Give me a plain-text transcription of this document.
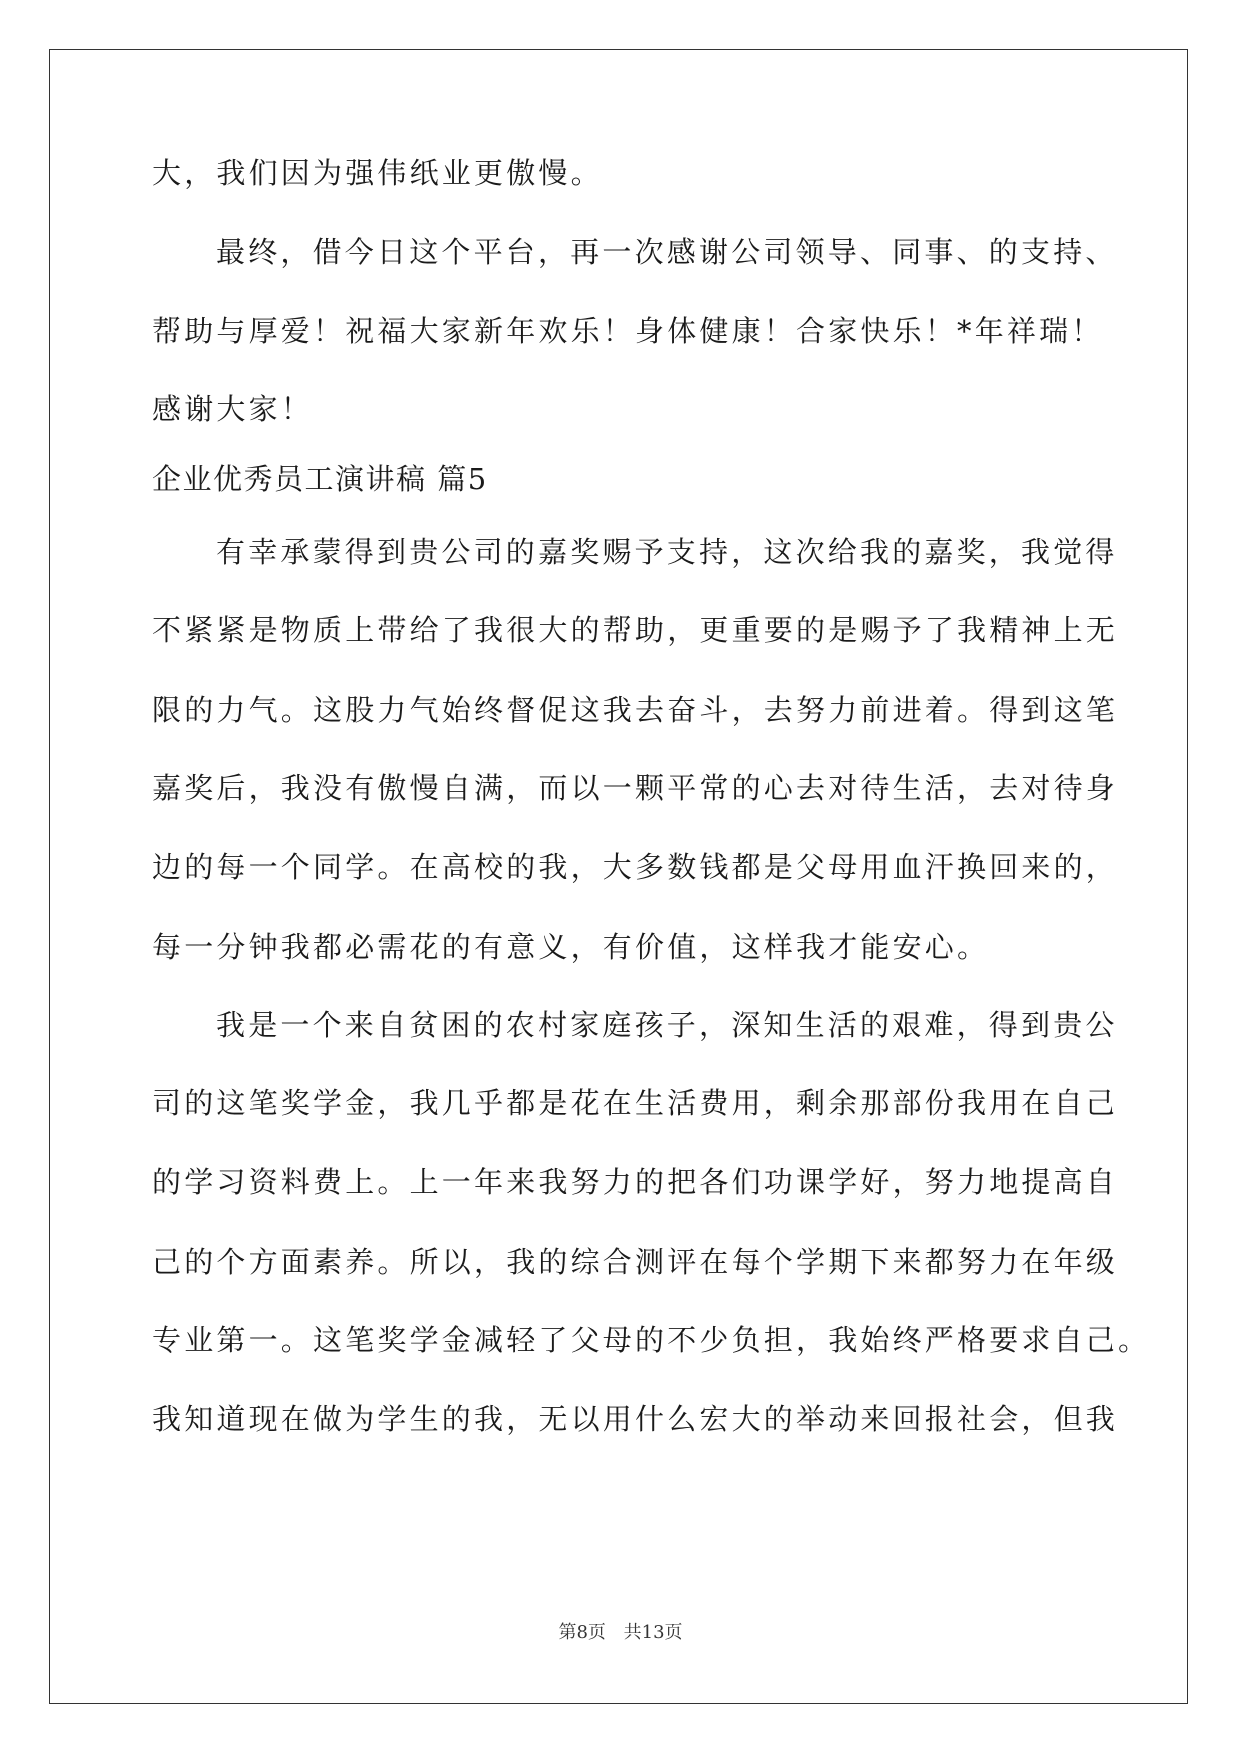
大，我们因为强伟纸业更傲慢。
最终，借今日这个平台，再一次感谢公司领导、同事、的支持、
帮助与厚爱！祝福大家新年欢乐！身体健康！合家快乐！*年祥瑞！
感谢大家！
企业优秀员工演讲稿 篇5
有幸承蒙得到贵公司的嘉奖赐予支持，这次给我的嘉奖，我觉得
不紧紧是物质上带给了我很大的帮助，更重要的是赐予了我精神上无
限的力气。这股力气始终督促这我去奋斗，去努力前进着。得到这笔
嘉奖后，我没有傲慢自满，而以一颗平常的心去对待生活，去对待身
边的每一个同学。在高校的我，大多数钱都是父母用血汗换回来的，
每一分钟我都必需花的有意义，有价值，这样我才能安心。
我是一个来自贫困的农村家庭孩子，深知生活的艰难，得到贵公
司的这笔奖学金，我几乎都是花在生活费用，剩余那部份我用在自己
的学习资料费上。上一年来我努力的把各们功课学好，努力地提高自
己的个方面素养。所以，我的综合测评在每个学期下来都努力在年级
专业第一。这笔奖学金减轻了父母的不少负担，我始终严格要求自己。
我知道现在做为学生的我，无以用什么宏大的举动来回报社会，但我
第8页 共13页
